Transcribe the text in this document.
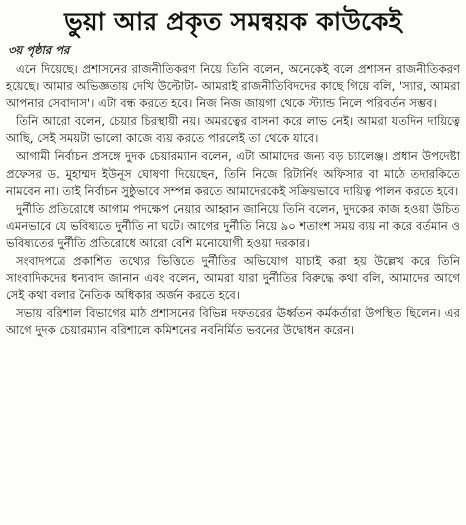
ভুয়া আর প্রকৃত সমন্বয়ক কাউকেই
৩য় পৃষ্ঠার পর

এনে দিয়েছে। প্রশাসনের রাজনীতিকরণ নিয়ে তিনি বলেন, অনেকেই বলে প্রশাসন রাজনীতিকরণ হয়েছে। আমার অভিজ্ঞতায় দেখি উল্টোটা- আমরাই রাজনীতিবিদদের কাছে গিয়ে বলি, 'স্যার, আমরা আপনার সেবাদাস'। এটা বন্ধ করতে হবে। নিজ নিজ জায়গা থেকে স্ট্যান্ড নিলে পরিবর্তন সম্ভব।

তিনি আরো বলেন, চেয়ার চিরস্থায়ী নয়। অমরত্বের বাসনা করে লাভ নেই। আমরা যতদিন দায়িত্বে আছি, সেই সময়টা ভালো কাজে ব্যয় করতে পারলেই তা থেকে যাবে।

আগামী নির্বাচন প্রসঙ্গে দুদক চেয়ারম্যান বলেন, এটা আমাদের জন্য বড় চ্যালেঞ্জ। প্রধান উপদেষ্টা প্রফেসর ড. মুহাম্মদ ইউনূস ঘোষণা দিয়েছেন, তিনি নিজে রিটার্নিং অফিসার বা মাঠে তদারকিতে নামবেন না। তাই নির্বাচন সুষ্ঠুভাবে সম্পন্ন করতে আমাদেরকেই সক্রিয়ভাবে দায়িত্ব পালন করতে হবে।

দুর্নীতি প্রতিরোধে আগাম পদক্ষেপ নেয়ার আহ্বান জানিয়ে তিনি বলেন, দুদকের কাজ হওয়া উচিত এমনভাবে যে ভবিষ্যতে দুর্নীতি না ঘটে। আগের দুর্নীতি নিয়ে ৯০ শতাংশ সময় ব্যয় না করে বর্তমান ও ভবিষ্যতের দুর্নীতি প্রতিরোধে আরো বেশি মনোযোগী হওয়া দরকার।

সংবাদপত্রে প্রকাশিত তথ্যের ভিত্তিতে দুর্নীতির অভিযোগ যাচাই করা হয় উল্লেখ করে তিনি সাংবাদিকদের ধন্যবাদ জানান এবং বলেন, আমরা যারা দুর্নীতির বিরুদ্ধে কথা বলি, আমাদের আগে সেই কথা বলার নৈতিক অধিকার অর্জন করতে হবে।

সভায় বরিশাল বিভাগের মাঠ প্রশাসনের বিভিন্ন দফতরের ঊর্ধ্বতন কর্মকর্তারা উপস্থিত ছিলেন। এর আগে দুদক চেয়ারম্যান বরিশালে কমিশনের নবনির্মিত ভবনের উদ্বোধন করেন।
